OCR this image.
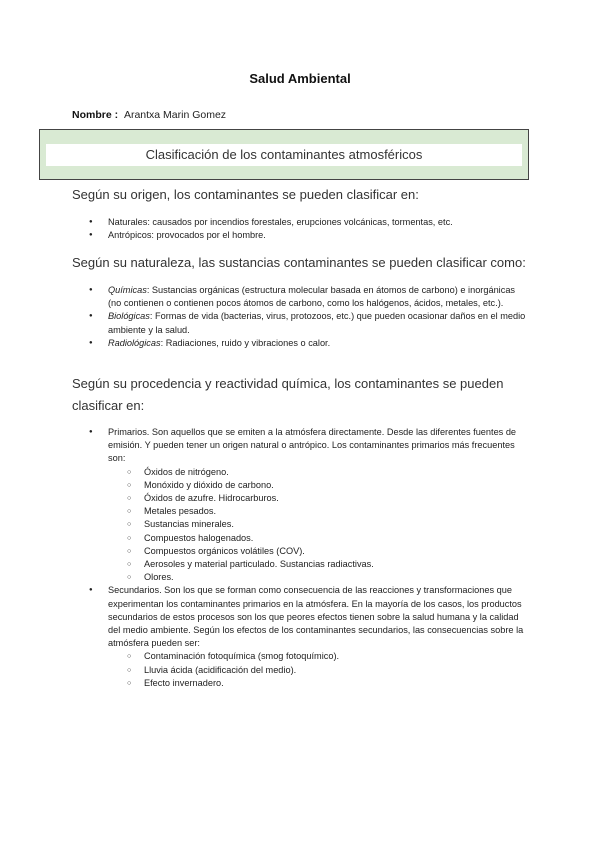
Salud Ambiental
Nombre : Arantxa Marin Gomez
Clasificación de los contaminantes atmosféricos
Según su origen, los contaminantes se pueden clasificar en:
● Naturales: causados por incendios forestales, erupciones volcánicas, tormentas, etc.
● Antrópicos: provocados por el hombre.
Según su naturaleza, las sustancias contaminantes se pueden clasificar como:
● Químicas: Sustancias orgánicas (estructura molecular basada en átomos de carbono) e inorgánicas (no contienen o contienen pocos átomos de carbono, como los halógenos, ácidos, metales, etc.).
● Biológicas: Formas de vida (bacterias, virus, protozoos, etc.) que pueden ocasionar daños en el medio ambiente y la salud.
● Radiológicas: Radiaciones, ruido y vibraciones o calor.
Según su procedencia y reactividad química, los contaminantes se pueden clasificar en:
● Primarios. Son aquellos que se emiten a la atmósfera directamente. Desde las diferentes fuentes de emisión. Y pueden tener un origen natural o antrópico. Los contaminantes primarios más frecuentes son:
○ Óxidos de nitrógeno.
○ Monóxido y dióxido de carbono.
○ Óxidos de azufre. Hidrocarburos.
○ Metales pesados.
○ Sustancias minerales.
○ Compuestos halogenados.
○ Compuestos orgánicos volátiles (COV).
○ Aerosoles y material particulado. Sustancias radiactivas.
○ Olores.
● Secundarios. Son los que se forman como consecuencia de las reacciones y transformaciones que experimentan los contaminantes primarios en la atmósfera. En la mayoría de los casos, los productos secundarios de estos procesos son los que peores efectos tienen sobre la salud humana y la calidad del medio ambiente. Según los efectos de los contaminantes secundarios, las consecuencias sobre la atmósfera pueden ser:
○ Contaminación fotoquímica (smog fotoquímico).
○ Lluvia ácida (acidificación del medio).
○ Efecto invernadero.
